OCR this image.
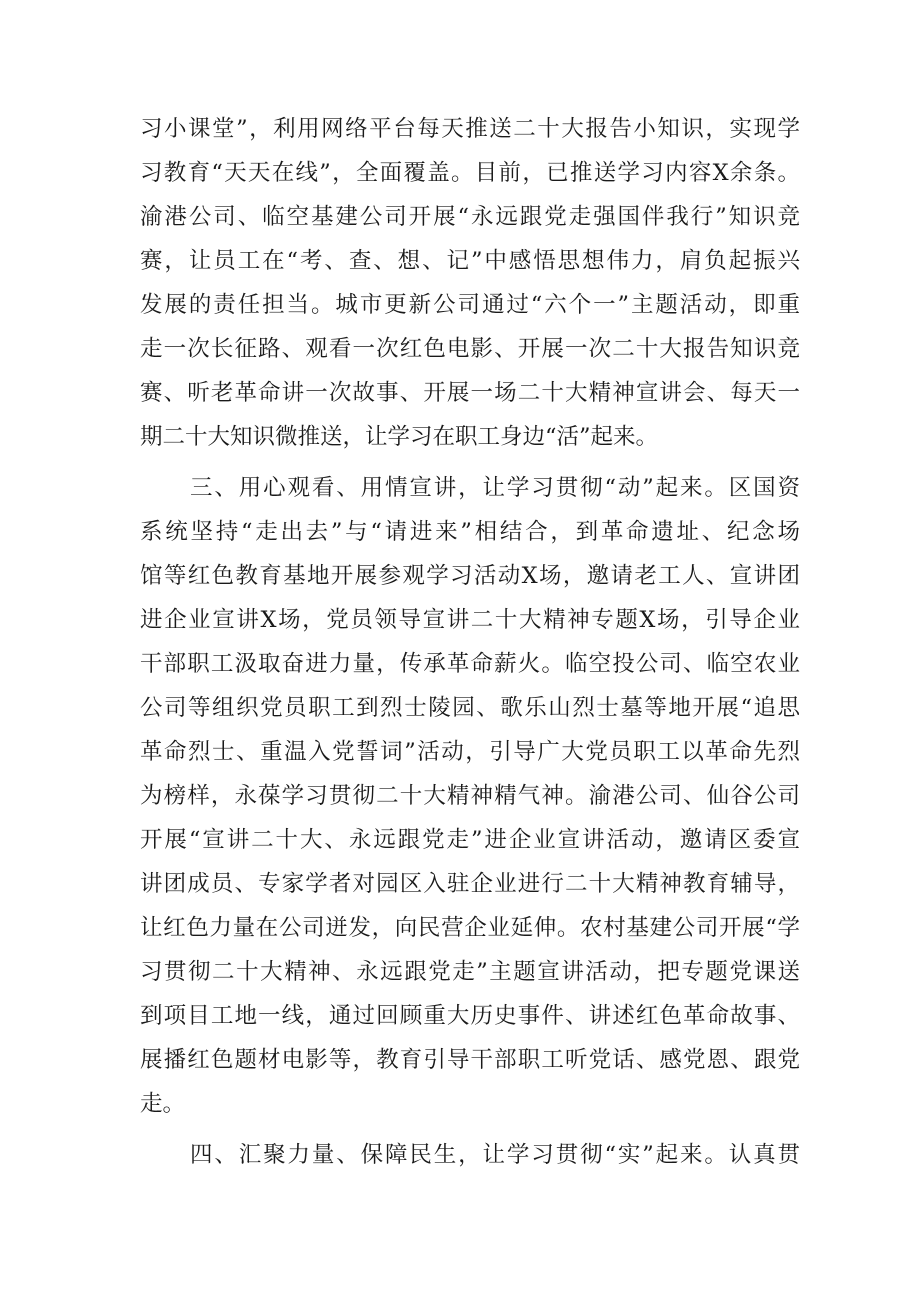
习小课堂”，利用网络平台每天推送二十大报告小知识，实现学
习教育“天天在线”，全面覆盖。目前，已推送学习内容X余条。
渝港公司、临空基建公司开展“永远跟党走强国伴我行”知识竞
赛，让员工在“考、查、想、记”中感悟思想伟力，肩负起振兴
发展的责任担当。城市更新公司通过“六个一”主题活动，即重
走一次长征路、观看一次红色电影、开展一次二十大报告知识竞
赛、听老革命讲一次故事、开展一场二十大精神宣讲会、每天一
期二十大知识微推送，让学习在职工身边“活”起来。
三、用心观看、用情宣讲，让学习贯彻“动”起来。区国资
系统坚持“走出去”与“请进来”相结合，到革命遗址、纪念场
馆等红色教育基地开展参观学习活动X场，邀请老工人、宣讲团
进企业宣讲X场，党员领导宣讲二十大精神专题X场，引导企业
干部职工汲取奋进力量，传承革命薪火。临空投公司、临空农业
公司等组织党员职工到烈士陵园、歌乐山烈士墓等地开展“追思
革命烈士、重温入党誓词”活动，引导广大党员职工以革命先烈
为榜样，永葆学习贯彻二十大精神精气神。渝港公司、仙谷公司
开展“宣讲二十大、永远跟党走”进企业宣讲活动，邀请区委宣
讲团成员、专家学者对园区入驻企业进行二十大精神教育辅导，
让红色力量在公司迸发，向民营企业延伸。农村基建公司开展“学
习贯彻二十大精神、永远跟党走”主题宣讲活动，把专题党课送
到项目工地一线，通过回顾重大历史事件、讲述红色革命故事、
展播红色题材电影等，教育引导干部职工听党话、感党恩、跟党
走。
四、汇聚力量、保障民生，让学习贯彻“实”起来。认真贯
